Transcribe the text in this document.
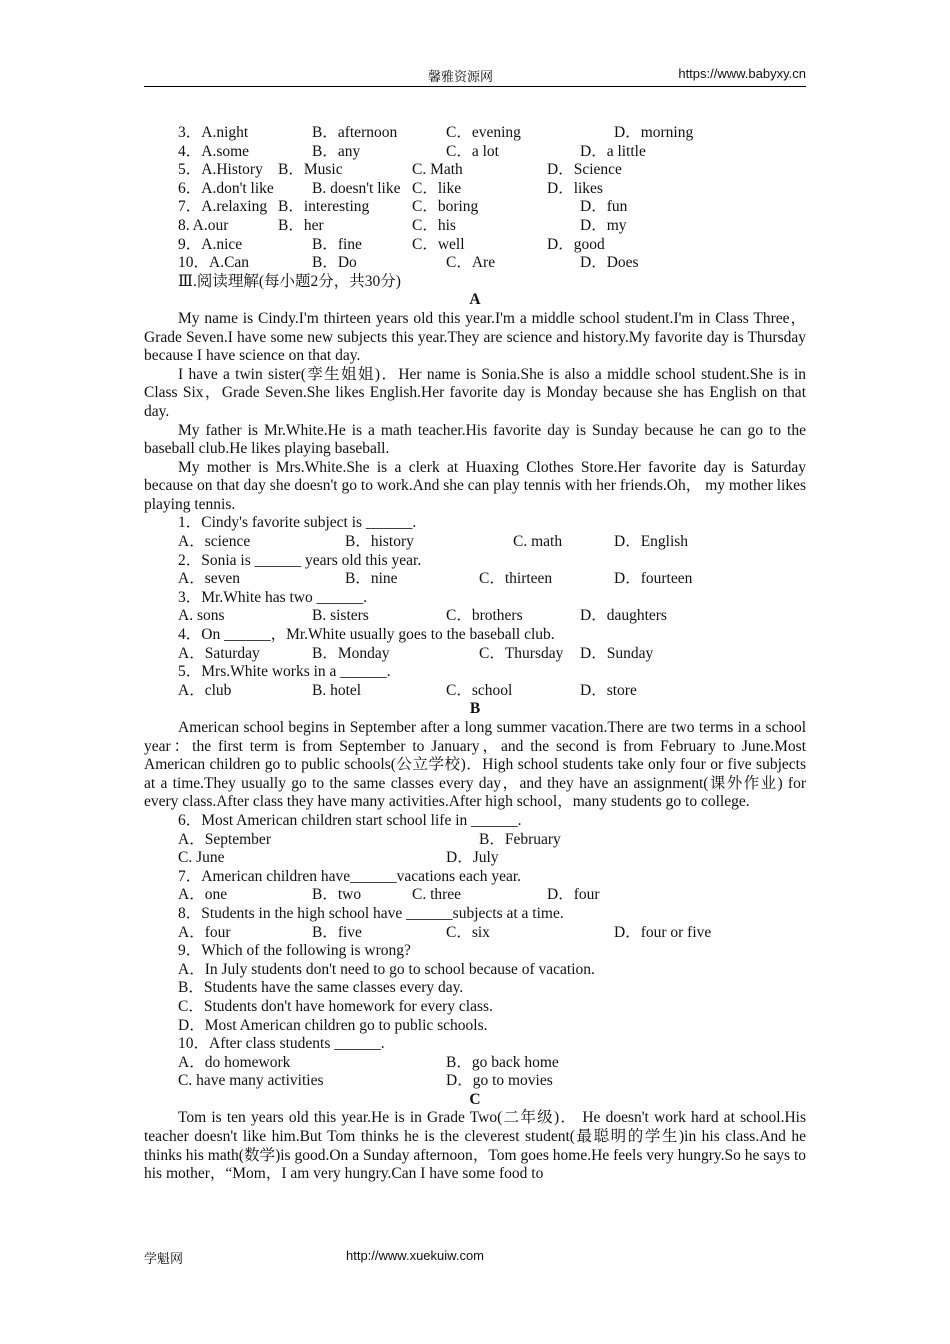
馨雅资源网	https://www.babyxy.cn
3．A.night	B．afternoon	C．evening	D．morning
4．A.some	B．any	C．a lot	D．a little
5．A.History B．Music	C. Math	D．Science
6．A.don't like B. doesn't like C．like	D．likes
7．A.relaxing B．interesting	C．boring	D．fun
8. A.our	B．her	C．his	D．my
9．A.nice	B．fine	C．well	D．good
10．A.Can	B．Do	C．Are	D．Does
Ⅲ.阅读理解(每小题2分，共30分)
A

My name is Cindy.I'm thirteen years old this year.I'm a middle school student.I'm in Class Three，Grade Seven.I have some new subjects this year.They are science and history.My favorite day is Thursday because I have science on that day.

I have a twin sister(孪生姐姐)．Her name is Sonia.She is also a middle school student.She is in Class Six，Grade Seven.She likes English.Her favorite day is Monday because she has English on that day.

My father is Mr.White.He is a math teacher.His favorite day is Sunday because he can go to the baseball club.He likes playing baseball.

My mother is Mrs.White.She is a clerk at Huaxing Clothes Store.Her favorite day is Saturday because on that day she doesn't go to work.And she can play tennis with her friends.Oh， my mother likes playing tennis.

1．Cindy's favorite subject is ______.
A．science	B．history	C. math	D．English
2．Sonia is ______ years old this year.
A．seven	B．nine	C．thirteen	D．fourteen
3．Mr.White has two ______.
A. sons	B. sisters	C．brothers	D．daughters
4．On ______，Mr.White usually goes to the baseball club.
A．Saturday	B．Monday	C．Thursday D．Sunday
5．Mrs.White works in a ______.
A．club	B. hotel	C．school	D．store
B

American school begins in September after a long summer vacation.There are two terms in a school year：the first term is from September to January，and the second is from February to June.Most American children go to public schools(公立学校)．High school students take only four or five subjects at a time.They usually go to the same classes every day，and they have an assignment(课外作业) for every class.After class they have many activities.After high school，many students go to college.

6．Most American children start school life in ______.
A．September	B．February
C. June	D．July
7．American children have______vacations each year.
A．one	B．two	C. three	D．four
8．Students in the high school have ______subjects at a time.
A．four	B．five	C．six	D．four or five
9．Which of the following is wrong?
A．In July students don't need to go to school because of vacation.
B．Students have the same classes every day.
C．Students don't have homework for every class.
D．Most American children go to public schools.
10．After class students ______.
A．do homework	B．go back home
C. have many activities	D．go to movies
C

Tom is ten years old this year.He is in Grade Two(二年级)． He doesn't work hard at school.His teacher doesn't like him.But Tom thinks he is the cleverest student(最聪明的学生)in his class.And he thinks his math(数学)is good.On a Sunday afternoon，Tom goes home.He feels very hungry.So he says to his mother，“Mom，I am very hungry.Can I have some food to

学魁网	http://www.xuekuiw.com
